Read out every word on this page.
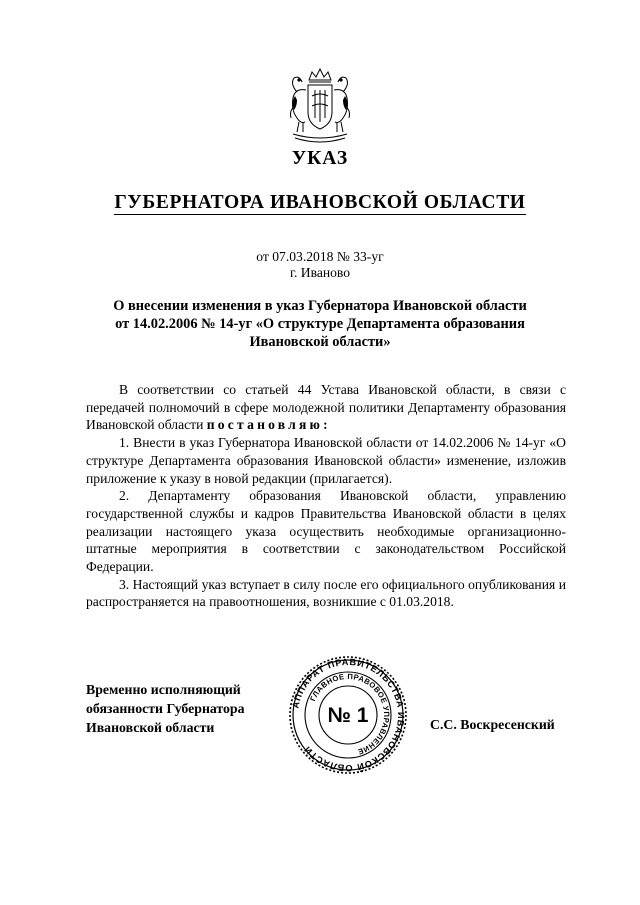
УКАЗ
ГУБЕРНАТОРА ИВАНОВСКОЙ ОБЛАСТИ
от 07.03.2018 № 33-уг
г. Иваново
О внесении изменения в указ Губернатора Ивановской области
от 14.02.2006 № 14-уг «О структуре Департамента образования
Ивановской области»

В соответствии со статьей 44 Устава Ивановской области, в связи с передачей полномочий в сфере молодежной политики Департаменту образования Ивановской области постановляю:

1. Внести в указ Губернатора Ивановской области от 14.02.2006 № 14-уг «О структуре Департамента образования Ивановской области» изменение, изложив приложение к указу в новой редакции (прилагается).

2. Департаменту образования Ивановской области, управлению государственной службы и кадров Правительства Ивановской области в целях реализации настоящего указа осуществить необходимые организационно-штатные мероприятия в соответствии с законодательством Российской Федерации.

3. Настоящий указ вступает в силу после его официального опубликования и распространяется на правоотношения, возникшие с 01.03.2018.

Временно исполняющий
обязанности Губернатора
Ивановской области
АППАРАТ ПРАВИТЕЛЬСТВА ИВАНОВСКОЙ ОБЛАСТИ
ГЛАВНОЕ ПРАВОВОЕ УПРАВЛЕНИЕ
№ 1	С.С. Воскресенский
